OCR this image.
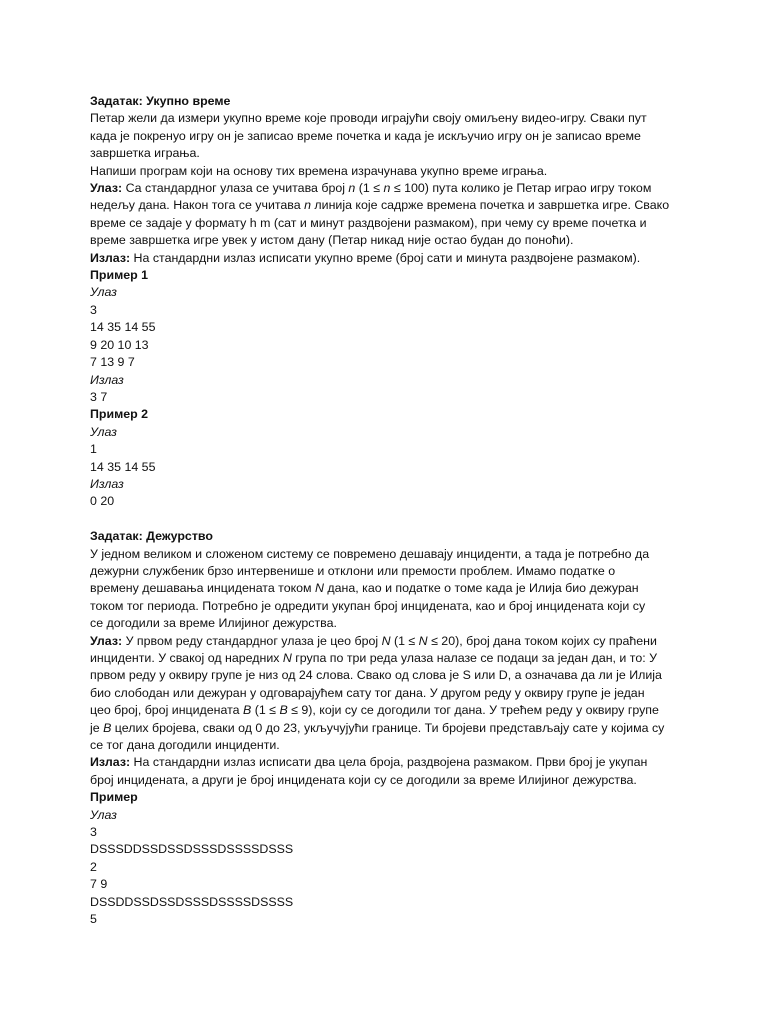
Задатак: Укупно време
Петар жели да измери укупно време које проводи играјући своју омиљену видео-игру. Сваки пут
када је покренуо игру он је записао време почетка и када је искључио игру он је записао време
завршетка играња.
Напиши програм који на основу тих времена израчунава укупно време играња.
Улаз: Са стандардног улаза се учитава број n (1 ≤ n ≤ 100) пута колико је Петар играо игру током
недељу дана. Након тога се учитава n линија које садрже времена почетка и завршетка игре. Свако
време се задаје у формату h m (сат и минут раздвојени размаком), при чему су време почетка и
време завршетка игре увек у истом дану (Петар никад није остао будан до поноћи).
Излаз: На стандардни излаз исписати укупно време (број сати и минута раздвојене размаком).
Пример 1
Улаз
3
14 35 14 55
9 20 10 13
7 13 9 7
Излаз
3 7
Пример 2
Улаз
1
14 35 14 55
Излаз
0 20
Задатак: Дежурство
У једном великом и сложеном систему се повремено дешавају инциденти, а тада је потребно да
дежурни службеник брзо интервенише и отклони или премости проблем. Имамо податке о
времену дешавања инцидената током N дана, као и податке о томе када је Илија био дежуран
током тог периода. Потребно је одредити укупан број инцидената, као и број инцидената који су
се догодили за време Илијиног дежурства.
Улаз: У првом реду стандардног улаза је цео број N (1 ≤ N ≤ 20), број дана током којих су праћени
инциденти. У свакој од наредних N група по три реда улаза налазе се подаци за један дан, и то: У
првом реду у оквиру групе је низ од 24 слова. Свако од слова је S или D, а означава да ли је Илија
био слободан или дежуран у одговарајућем сату тог дана. У другом реду у оквиру групе је један
цео број, број инцидената B (1 ≤ B ≤ 9), који су се догодили тог дана. У трећем реду у оквиру групе
је B целих бројева, сваки од 0 до 23, укључујући границе. Ти бројеви представљају сате у којима су
се тог дана догодили инциденти.
Излаз: На стандардни излаз исписати два цела броја, раздвојена размаком. Први број је укупан
број инцидената, а други је број инцидената који су се догодили за време Илијиног дежурства.
Пример
Улаз
3
DSSSDDSSDSSDSSSDSSSSDSSS
2
7 9
DSSDDSSDSSDSSSDSSSSDSSSS
5
